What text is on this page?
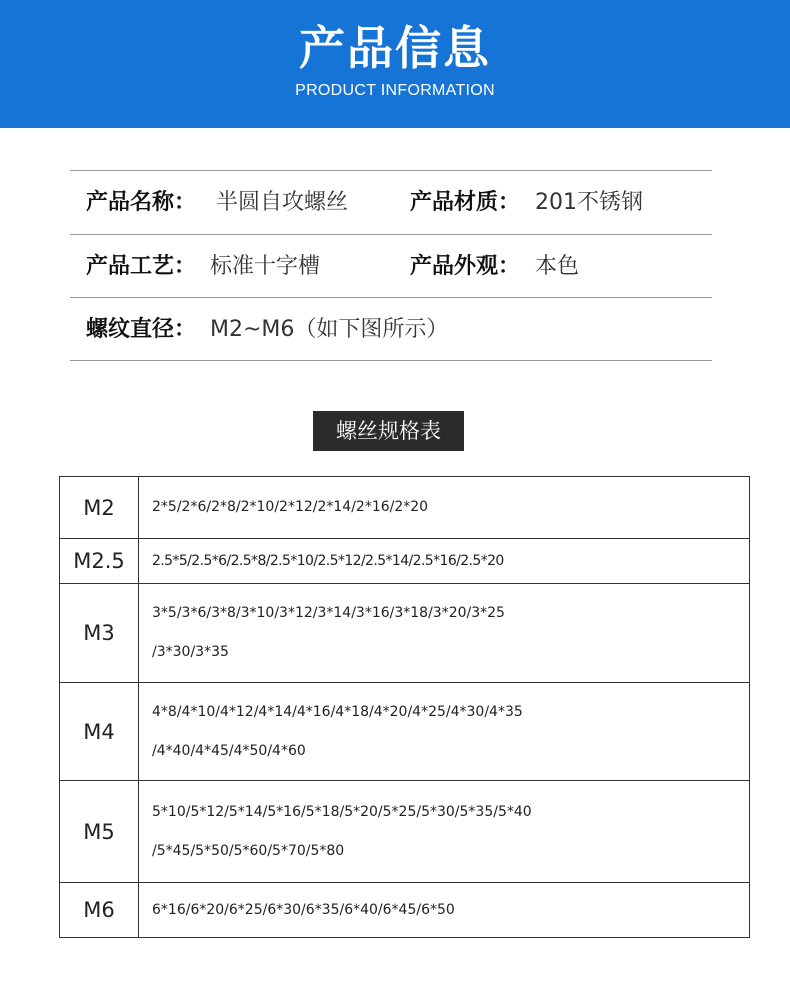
产品信息
PRODUCT INFORMATION
产品名称： 半圆自攻螺丝	产品材质： 201不锈钢
产品工艺： 标准十字槽	产品外观： 本色
螺纹直径： M2~M6（如下图所示）
螺丝规格表
M2	2*5/2*6/2*8/2*10/2*12/2*14/2*16/2*20

M2.5	2.5*5/2.5*6/2.5*8/2.5*10/2.5*12/2.5*14/2.5*16/2.5*20

M3	3*5/3*6/3*8/3*10/3*12/3*14/3*16/3*18/3*20/3*25
/3*30/3*35

M4	4*8/4*10/4*12/4*14/4*16/4*18/4*20/4*25/4*30/4*35
/4*40/4*45/4*50/4*60

M5	5*10/5*12/5*14/5*16/5*18/5*20/5*25/5*30/5*35/5*40
/5*45/5*50/5*60/5*70/5*80

M6	6*16/6*20/6*25/6*30/6*35/6*40/6*45/6*50
